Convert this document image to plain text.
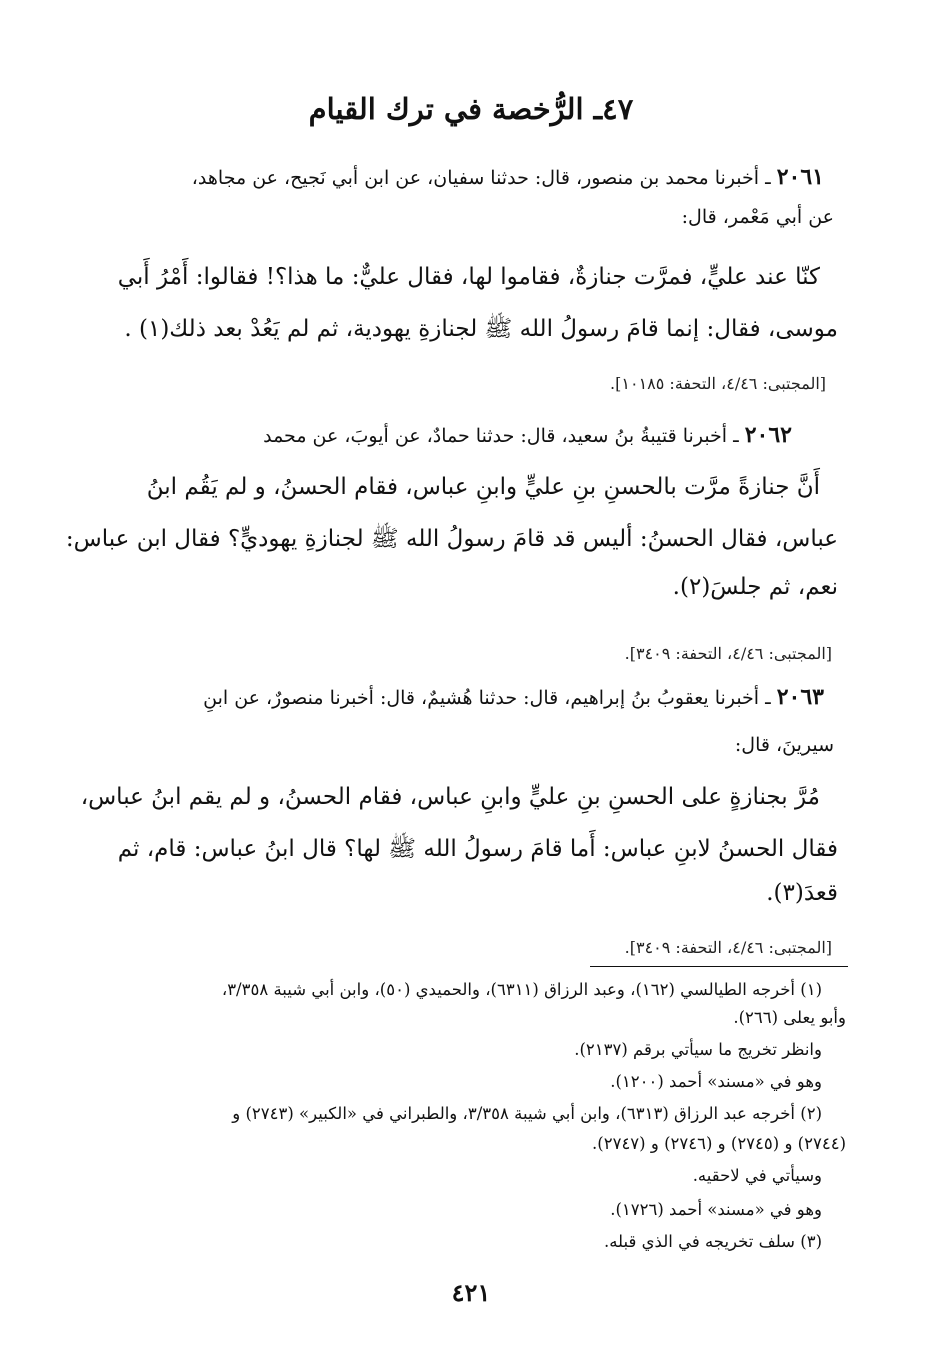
٤٧ـ الرُّخصة في ترك القيام
٢٠٦١ ـ أخبرنا محمد بن منصور، قال: حدثنا سفيان، عن ابن أبي نَجيح، عن مجاهد،
عن أبي مَعْمر، قال:
كنّا عند عليٍّ، فمرَّت جنازةٌ، فقاموا لها، فقال عليٌّ: ما هذا؟! فقالوا: أَمْرُ أَبي
موسى، فقال: إنما قامَ رسولُ الله ﷺ لجنازةِ يهودية، ثم لم يَعُدْ بعد ذلك(١) .
[المجتبى: ٤/٤٦، التحفة: ١٠١٨٥].
٢٠٦٢ ـ أخبرنا قتيبةُ بنُ سعيد، قال: حدثنا حمادٌ، عن أيوبَ، عن محمد
أَنَّ جنازةً مرَّت بالحسنِ بنِ عليٍّ وابنِ عباس، فقام الحسنُ، و لم يَقُم ابنُ
عباس، فقال الحسنُ: أليس قد قامَ رسولُ الله ﷺ لجنازةِ يهوديٍّ؟ فقال ابن عباس:
نعم، ثم جلسَ(٢).
[المجتبى: ٤/٤٦، التحفة: ٣٤٠٩].
٢٠٦٣ ـ أخبرنا يعقوبُ بنُ إبراهيم، قال: حدثنا هُشيمٌ، قال: أخبرنا منصورٌ، عن ابنِ
سيرينَ، قال:
مُرَّ بجنازةٍ على الحسنِ بنِ عليٍّ وابنِ عباس، فقام الحسنُ، و لم يقم ابنُ عباس،
فقال الحسنُ لابنِ عباس: أَما قامَ رسولُ الله ﷺ لها؟ قال ابنُ عباس: قام، ثم
قعدَ(٣).
[المجتبى: ٤/٤٦، التحفة: ٣٤٠٩].
(١) أخرجه الطيالسي (١٦٢)، وعبد الرزاق (٦٣١١)، والحميدي (٥٠)، وابن أبي شيبة ٣/٣٥٨،
وأبو يعلى (٢٦٦).
وانظر تخريج ما سيأتي برقم (٢١٣٧).
وهو في «مسند» أحمد (١٢٠٠).
(٢) أخرجه عبد الرزاق (٦٣١٣)، وابن أبي شيبة ٣/٣٥٨، والطبراني في «الكبير» (٢٧٤٣) و
(٢٧٤٤) و (٢٧٤٥) و (٢٧٤٦) و (٢٧٤٧).
وسيأتي في لاحقيه.
وهو في «مسند» أحمد (١٧٢٦).
(٣) سلف تخريجه في الذي قبله.
٤٢١
